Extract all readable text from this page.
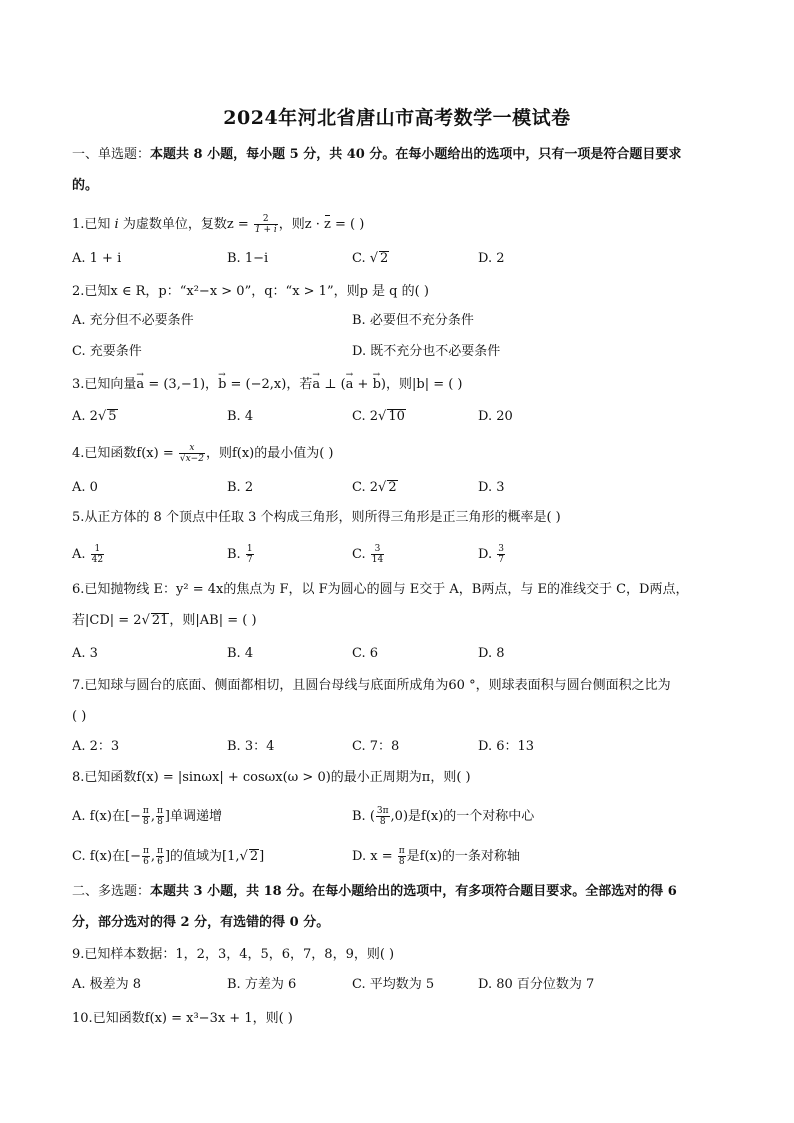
2024年河北省唐山市高考数学一模试卷
一、单选题：本题共 8 小题，每小题 5 分，共 40 分。在每小题给出的选项中，只有一项是符合题目要求
的。
1.已知 i 为虚数单位，复数$z = \frac{2}{1 + i}$ ，则z · z = ( )
A. 1 + i	B. 1−i	C. √ 2	D. 2
2.已知x ∈ R，p：“x²−x > 0”，q：“x > 1”，则p 是 q 的( )
A. 充分但不必要条件	B. 必要但不充分条件
C. 充要条件	D. 既不充分也不必要条件
3.已知向量→ a = (3,−1)，→ b = (−2,x)，若→ a ⊥ (→ a + → b)，则|b| = ( )
A. 2√ 5	B. 4	C. 2√ 10	D. 20
4.已知函数$f(x) = \frac{x}{√x-2}$ ，则f(x)的最小值为( )
A. 0	B. 2	C. 2√ 2	D. 3
5.从正方体的 8 个顶点中任取 3 个构成三角形，则所得三角形是正三角形的概率是( )
A. $\frac{1}{42}$	B. $\frac{1}{7}$	C. $\frac{3}{14}$	D. $\frac{3}{7}$
6.已知抛物线 E：y² = 4x的焦点为 F，以 F为圆心的圆与 E交于 A，B两点，与 E的准线交于 C，D两点，
若|CD| = 2√ 21，则|AB| = ( )
A. 3	B. 4	C. 6	D. 8
7.已知球与圆台的底面、侧面都相切，且圆台母线与底面所成角为60 °，则球表面积与圆台侧面积之比为
( )
A. 2：3	B. 3：4	C. 7：8	D. 6：13
8.已知函数f(x) = |sinωx| + cosωx(ω > 0)的最小正周期为π，则( )
A. f(x)在[− $\frac{\pi}{8}$ , $\frac{\pi}{8}$ ]单调递增	B. ( $\frac{3\pi}{8} ,0$)是f(x)的一个对称中心
C. f(x)在[− $\frac{\pi}{6}$ , $\frac{\pi}{6}$ ]的值域为[1,√ 2]	D. $x = \frac{\pi}{8}$ 是f(x)的一条对称轴
二、多选题：本题共 3 小题，共 18 分。在每小题给出的选项中，有多项符合题目要求。全部选对的得 6
分，部分选对的得 2 分，有选错的得 0 分。
9.已知样本数据：1，2，3，4，5，6，7，8，9，则( )
A. 极差为 8	B. 方差为 6	C. 平均数为 5	D. 80 百分位数为 7
10.已知函数f(x) = x³−3x + 1，则( )
